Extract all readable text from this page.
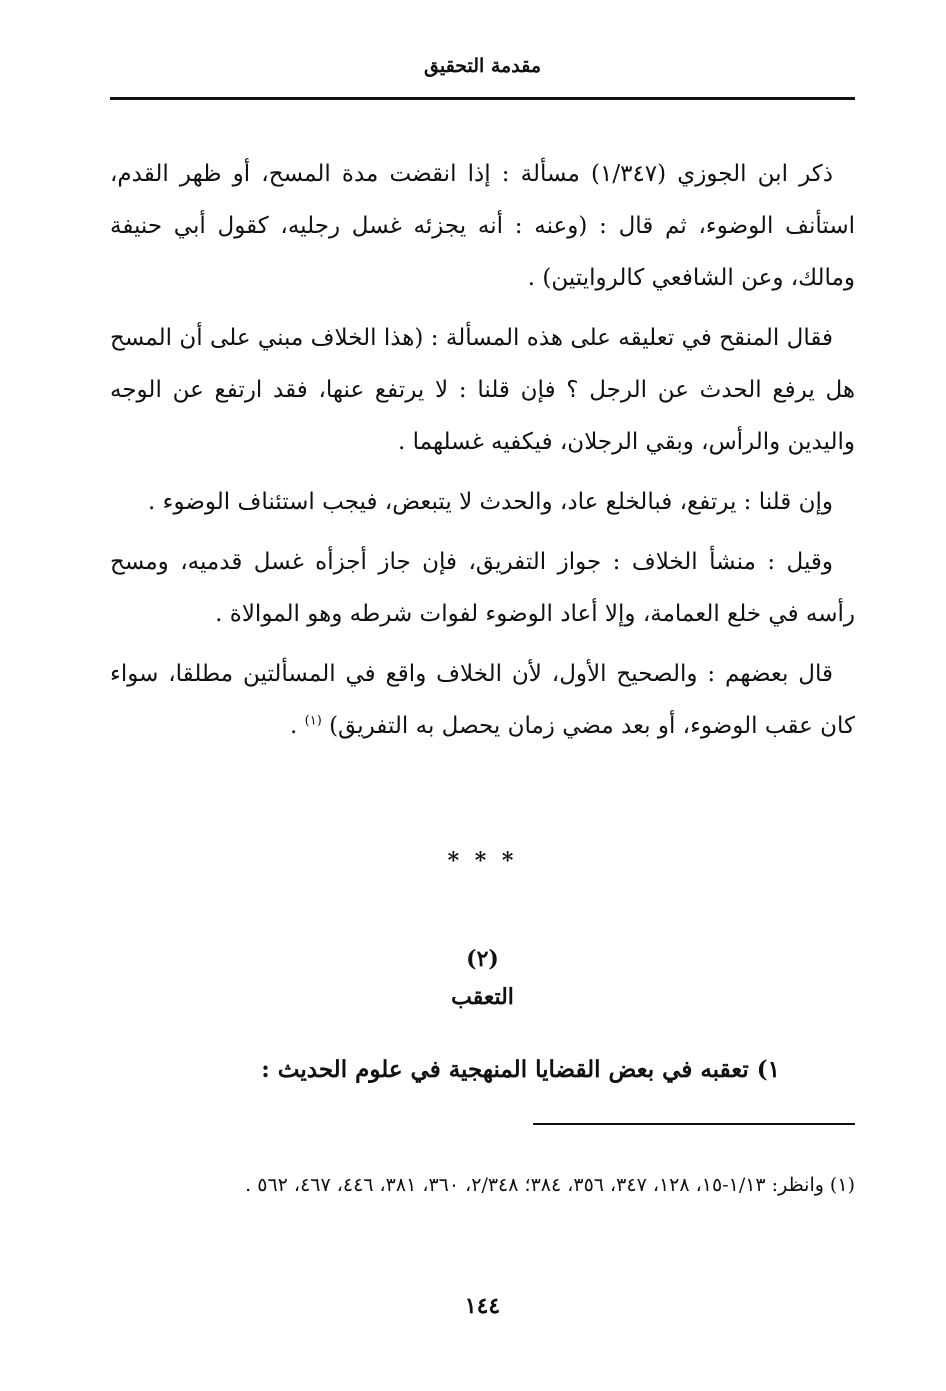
مقدمة التحقيق

ذكر ابن الجوزي (١/٣٤٧) مسألة : إذا انقضت مدة المسح، أو ظهر القدم، استأنف الوضوء، ثم قال : (وعنه : أنه يجزئه غسل رجليه، كقول أبي حنيفة ومالك، وعن الشافعي كالروايتين) .

فقال المنقح في تعليقه على هذه المسألة : (هذا الخلاف مبني على أن المسح هل يرفع الحدث عن الرجل ؟ فإن قلنا : لا يرتفع عنها، فقد ارتفع عن الوجه واليدين والرأس، وبقي الرجلان، فيكفيه غسلهما .

وإن قلنا : يرتفع، فبالخلع عاد، والحدث لا يتبعض، فيجب استئناف الوضوء .

وقيل : منشأ الخلاف : جواز التفريق، فإن جاز أجزأه غسل قدميه، ومسح رأسه في خلع العمامة، وإلا أعاد الوضوء لفوات شرطه وهو الموالاة .

قال بعضهم : والصحيح الأول، لأن الخلاف واقع في المسألتين مطلقا، سواء كان عقب الوضوء، أو بعد مضي زمان يحصل به التفريق) $^{(١)}$ .

* * *
(٢)
التعقب
١) تعقبه في بعض القضايا المنهجية في علوم الحديث :
(١) وانظر: ١/١٣-١٥، ١٢٨، ٣٤٧، ٣٥٦، ٣٨٤؛ ٢/٣٤٨، ٣٦٠، ٣٨١، ٤٤٦، ٤٦٧، ٥٦٢ .
١٤٤
